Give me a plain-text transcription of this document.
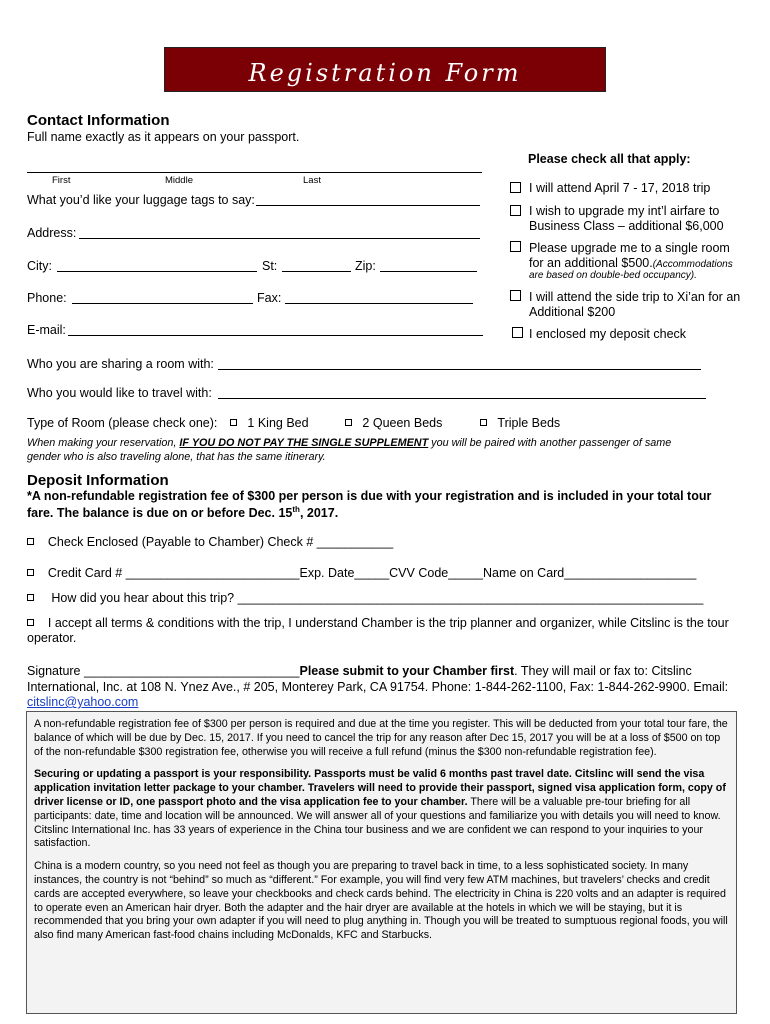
Registration Form
Contact Information
Full name exactly as it appears on your passport.
First	Middle	Last
What you’d like your luggage tags to say:
Address:
City:	St:	Zip:
Phone:	Fax:
E-mail:
Please check all that apply:
I will attend April 7 - 17, 2018 trip
I wish to upgrade my int’l airfare to
Business Class – additional $6,000
Please upgrade me to a single room
for an additional $500.(Accommodations
are based on double-bed occupancy).
I will attend the side trip to Xi’an for an
Additional $200
I enclosed my deposit check
Who you are sharing a room with:
Who you would like to travel with:
Type of Room (please check one):	1 King Bed	2 Queen Beds	Triple Beds
When making your reservation, IF YOU DO NOT PAY THE SINGLE SUPPLEMENT you will be paired with another passenger of same
gender who is also traveling alone, that has the same itinerary.
Deposit Information
*A non-refundable registration fee of $300 per person is due with your registration and is included in your total tour
fare. The balance is due on or before Dec. 15th, 2017.
Check Enclosed (Payable to Chamber) Check # ___________
Credit Card # _________________________Exp. Date_____CVV Code_____Name on Card___________________
How did you hear about this trip? ___________________________________________________________________
I accept all terms & conditions with the trip, I understand Chamber is the trip planner and organizer, while Citslinc is the tour
operator.
Signature _______________________________Please submit to your Chamber first. They will mail or fax to: Citslinc
International, Inc. at 108 N. Ynez Ave., # 205, Monterey Park, CA 91754. Phone: 1-844-262-1100, Fax: 1-844-262-9900. Email:
citslinc@yahoo.com

A non-refundable registration fee of $300 per person is required and due at the time you register. This will be deducted from your total tour fare, the balance of which will be due by Dec. 15, 2017. If you need to cancel the trip for any reason after Dec 15, 2017 you will be at a loss of $500 on top of the non-refundable $300 registration fee, otherwise you will receive a full refund (minus the $300 non-refundable registration fee).

Securing or updating a passport is your responsibility. Passports must be valid 6 months past travel date. Citslinc will send the visa application invitation letter package to your chamber. Travelers will need to provide their passport, signed visa application form, copy of driver license or ID, one passport photo and the visa application fee to your chamber. There will be a valuable pre-tour briefing for all participants: date, time and location will be announced. We will answer all of your questions and familiarize you with details you will need to know. Citslinc International Inc. has 33 years of experience in the China tour business and we are confident we can respond to your inquiries to your satisfaction.

China is a modern country, so you need not feel as though you are preparing to travel back in time, to a less sophisticated society. In many instances, the country is not “behind” so much as “different.” For example, you will find very few ATM machines, but travelers’ checks and credit cards are accepted everywhere, so leave your checkbooks and check cards behind. The electricity in China is 220 volts and an adapter is required to operate even an American hair dryer. Both the adapter and the hair dryer are available at the hotels in which we will be staying, but it is recommended that you bring your own adapter if you will need to plug anything in. Though you will be treated to sumptuous regional foods, you will also find many American fast-food chains including McDonalds, KFC and Starbucks.
